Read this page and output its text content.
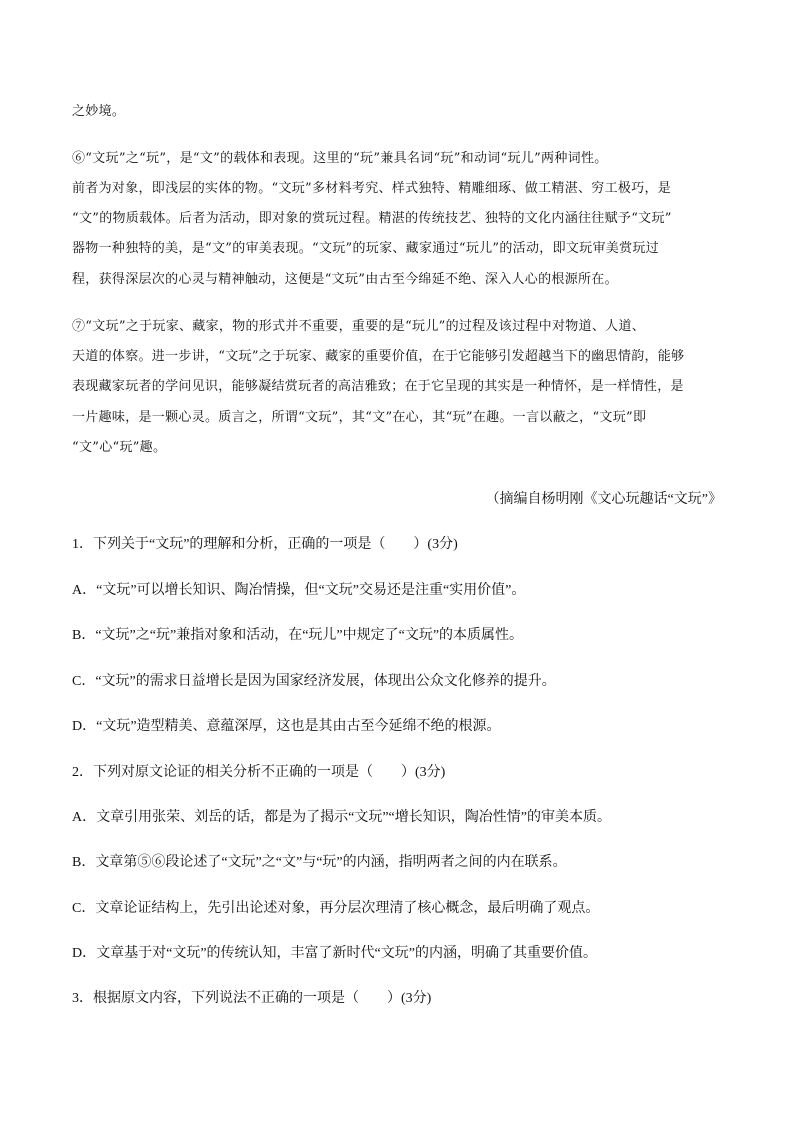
之妙境。

⑥“文玩”之“玩”，是“文”的载体和表现。这里的“玩”兼具名词“玩”和动词“玩儿”两种词性。

前者为对象，即浅层的实体的物。“文玩”多材料考究、样式独特、精雕细琢、做工精湛、穷工极巧，是

“文”的物质载体。后者为活动，即对象的赏玩过程。精湛的传统技艺、独特的文化内涵往往赋予“文玩”

器物一种独特的美，是“文”的审美表现。“文玩”的玩家、藏家通过“玩儿”的活动，即文玩审美赏玩过

程，获得深层次的心灵与精神触动，这便是“文玩”由古至今绵延不绝、深入人心的根源所在。

⑦“文玩”之于玩家、藏家，物的形式并不重要，重要的是“玩儿”的过程及该过程中对物道、人道、

天道的体察。进一步讲，“文玩”之于玩家、藏家的重要价值，在于它能够引发超越当下的幽思情韵，能够

表现藏家玩者的学问见识，能够凝结赏玩者的高洁雅致；在于它呈现的其实是一种情怀，是一样情性，是

一片趣味，是一颗心灵。质言之，所谓“文玩”，其“文”在心，其“玩”在趣。一言以蔽之，“文玩”即

“文”心“玩”趣。

（摘编自杨明刚《文心玩趣话“文玩”》

1．下列关于“文玩”的理解和分析，正确的一项是（　　）(3分)

A．“文玩”可以增长知识、陶冶情操，但“文玩”交易还是注重“实用价值”。

B．“文玩”之“玩”兼指对象和活动，在“玩儿”中规定了“文玩”的本质属性。

C．“文玩”的需求日益增长是因为国家经济发展，体现出公众文化修养的提升。

D．“文玩”造型精美、意蕴深厚，这也是其由古至今延绵不绝的根源。

2．下列对原文论证的相关分析不正确的一项是（　　）(3分)

A．文章引用张荣、刘岳的话，都是为了揭示“文玩”“增长知识，陶冶性情”的审美本质。

B．文章第⑤⑥段论述了“文玩”之“文”与“玩”的内涵，指明两者之间的内在联系。

C．文章论证结构上，先引出论述对象，再分层次理清了核心概念，最后明确了观点。

D．文章基于对“文玩”的传统认知，丰富了新时代“文玩”的内涵，明确了其重要价值。

3．根据原文内容，下列说法不正确的一项是（　　）(3分)
